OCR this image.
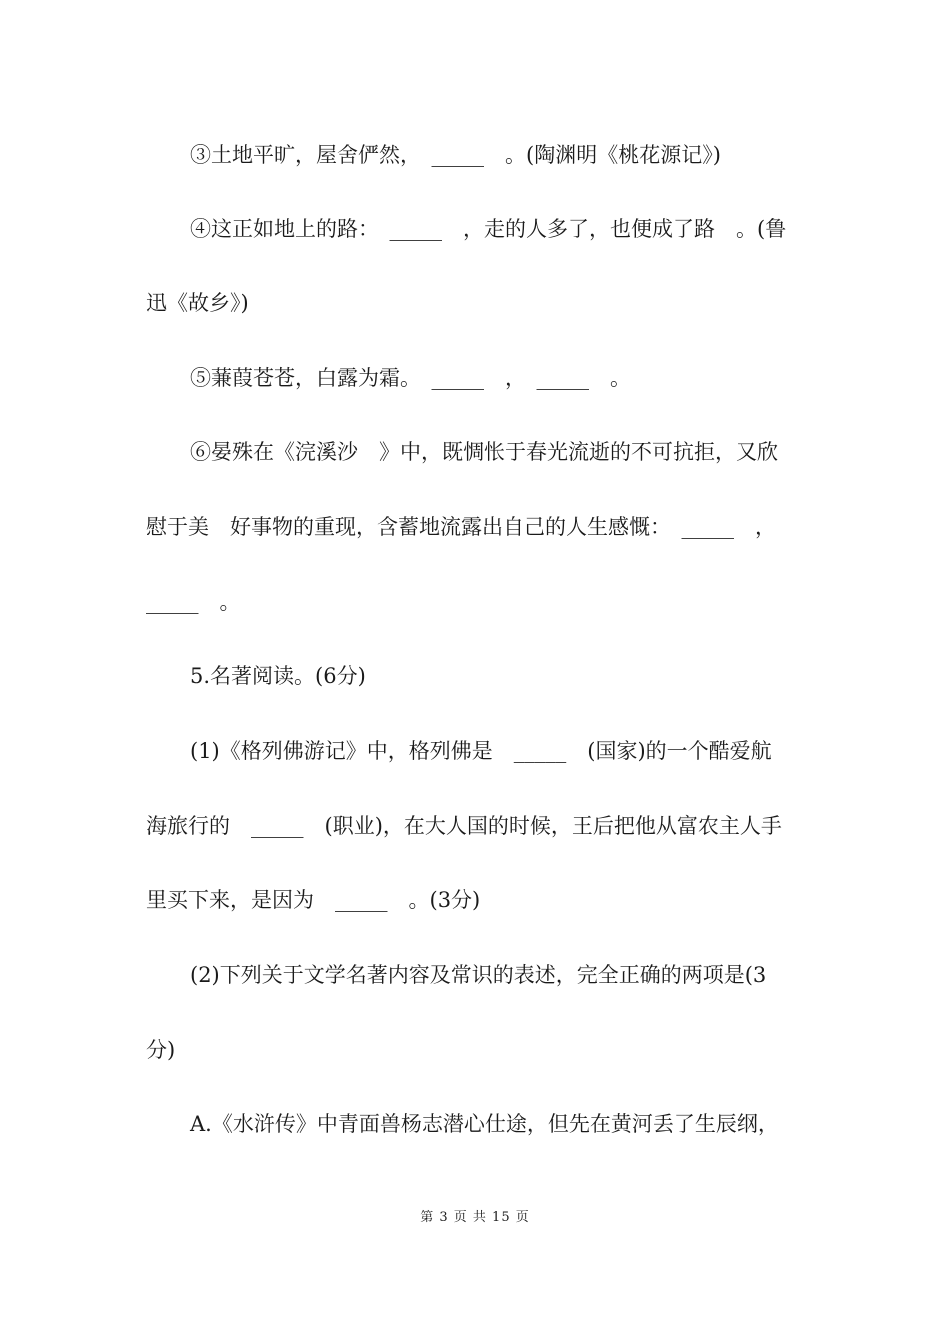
③土地平旷，屋舍俨然，　_____　。(陶渊明《桃花源记》)
④这正如地上的路：　_____　，走的人多了，也便成了路　。(鲁
迅《故乡》)
⑤蒹葭苍苍，白露为霜。　_____　，　_____　。
⑥晏殊在《浣溪沙　》中，既惆怅于春光流逝的不可抗拒，又欣
慰于美　好事物的重现，含蓄地流露出自己的人生感慨：　_____　，
_____　。
5.名著阅读。(6分)
(1)《格列佛游记》中，格列佛是　_____　(国家)的一个酷爱航
海旅行的　_____　(职业)，在大人国的时候，王后把他从富农主人手
里买下来，是因为　_____　。(3分)
(2)下列关于文学名著内容及常识的表述，完全正确的两项是(3
分)
A.《水浒传》中青面兽杨志潜心仕途，但先在黄河丢了生辰纲，
第 3 页 共 15 页
